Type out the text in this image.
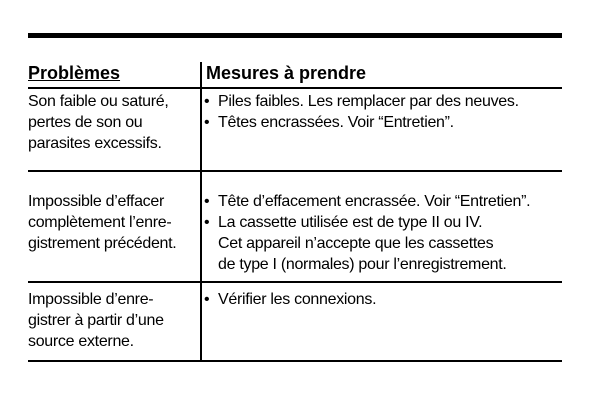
Problèmes	Mesures à prendre
Son faible ou saturé,
pertes de son ou
parasites excessifs.
• Piles faibles. Les remplacer par des neuves.
• Têtes encrassées. Voir “Entretien”.
Impossible d’effacer
complètement l’enre-
gistrement précédent.
• Tête d’effacement encrassée. Voir “Entretien”.
• La cassette utilisée est de type II ou IV.
Cet appareil n’accepte que les cassettes
de type I (normales) pour l’enregistrement.
Impossible d’enre-
gistrer à partir d’une
source externe.
• Vérifier les connexions.
